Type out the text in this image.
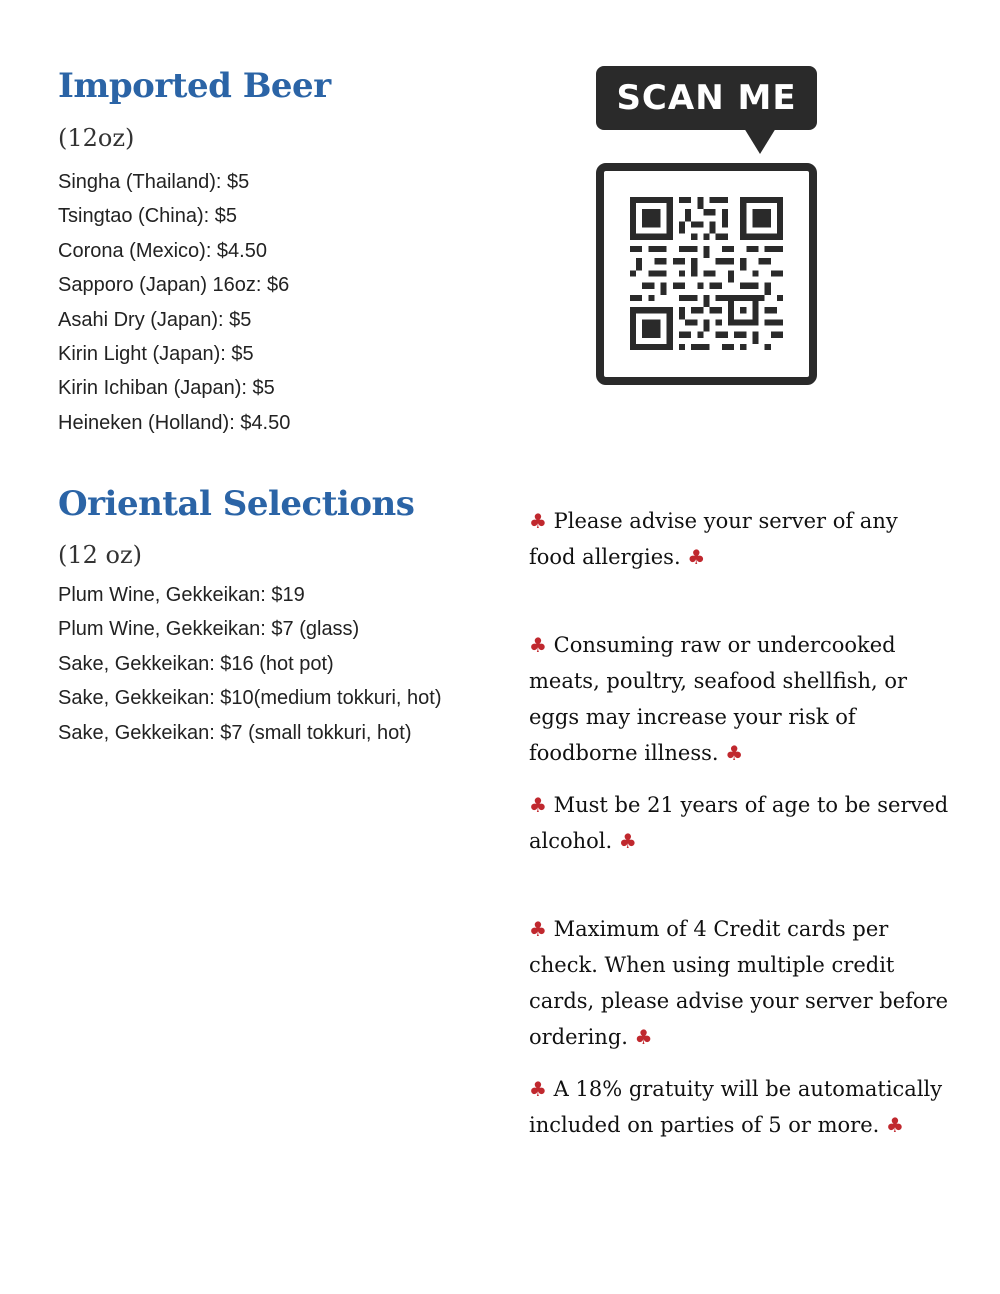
Imported Beer
(12oz)
Singha (Thailand): $5
Tsingtao (China): $5
Corona (Mexico): $4.50
Sapporo (Japan) 16oz: $6
Asahi Dry (Japan): $5
Kirin Light (Japan): $5
Kirin Ichiban (Japan): $5
Heineken (Holland): $4.50
Oriental Selections
(12 oz)
Plum Wine, Gekkeikan: $19
Plum Wine, Gekkeikan: $7 (glass)
Sake, Gekkeikan: $16 (hot pot)
Sake, Gekkeikan: $10(medium tokkuri, hot)
Sake, Gekkeikan: $7 (small tokkuri, hot)
SCAN ME

♣ Please advise your server of any food allergies. ♣

♣ Consuming raw or undercooked meats, poultry, seafood shellfish, or eggs may increase your risk of foodborne illness. ♣

♣ Must be 21 years of age to be served alcohol. ♣

♣ Maximum of 4 Credit cards per check. When using multiple credit cards, please advise your server before ordering. ♣

♣ A 18% gratuity will be automatically included on parties of 5 or more. ♣
